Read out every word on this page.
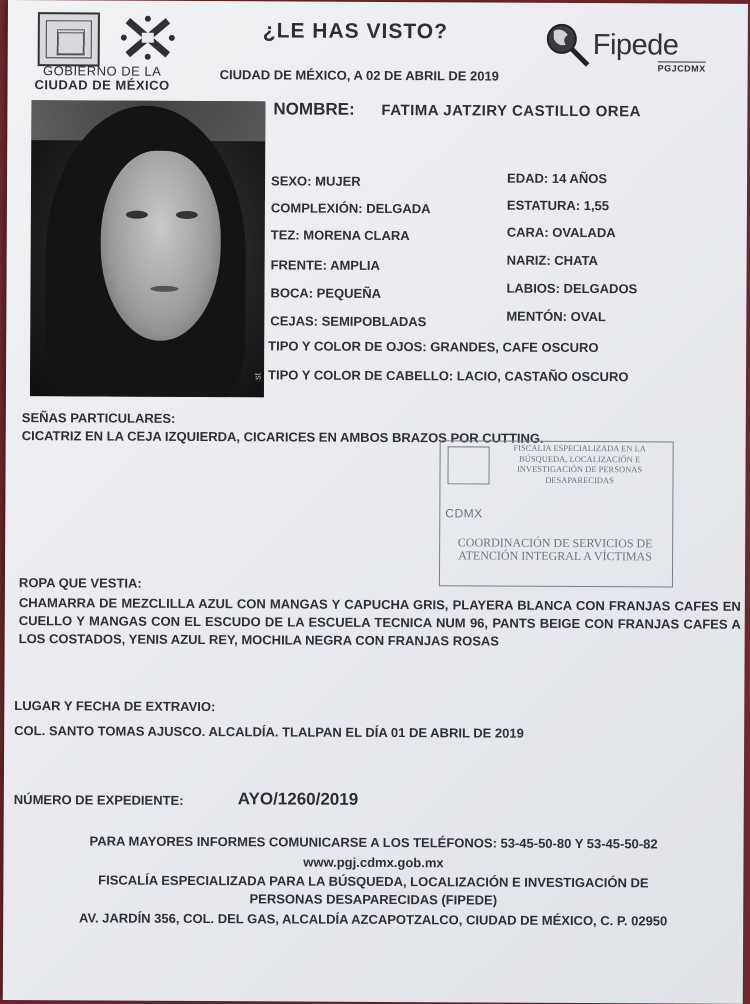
GOBIERNO DE LA
CIUDAD DE MÉXICO
¿LE HAS VISTO?
CIUDAD DE MÉXICO, A 02 DE ABRIL DE 2019
Fipede
PGJCDMX
st
NOMBRE: FATIMA JATZIRY CASTILLO OREA
SEXO: MUJER
COMPLEXIÓN: DELGADA
TEZ: MORENA CLARA
FRENTE: AMPLIA
BOCA: PEQUEÑA
CEJAS: SEMIPOBLADAS
EDAD: 14 AÑOS
ESTATURA: 1,55
CARA: OVALADA
NARIZ: CHATA
LABIOS: DELGADOS
MENTÓN: OVAL
TIPO Y COLOR DE OJOS: GRANDES, CAFE OSCURO
TIPO Y COLOR DE CABELLO: LACIO, CASTAÑO OSCURO
SEÑAS PARTICULARES:
CICATRIZ EN LA CEJA IZQUIERDA, CICARICES EN AMBOS BRAZOS POR CUTTING.
FISCALIA ESPECIALIZADA EN LA BÚSQUEDA, LOCALIZACIÓN E INVESTIGACIÓN DE PERSONAS DESAPARECIDAS
CDMX
COORDINACIÓN DE SERVICIOS DE ATENCIÓN INTEGRAL A VÍCTIMAS
ROPA QUE VESTIA:
CHAMARRA DE MEZCLILLA AZUL CON MANGAS Y CAPUCHA GRIS, PLAYERA BLANCA CON FRANJAS CAFES EN CUELLO Y MANGAS CON EL ESCUDO DE LA ESCUELA TECNICA NUM 96, PANTS BEIGE CON FRANJAS CAFES A LOS COSTADOS, YENIS AZUL REY, MOCHILA NEGRA CON FRANJAS ROSAS
LUGAR Y FECHA DE EXTRAVIO:
COL. SANTO TOMAS AJUSCO. ALCALDÍA. TLALPAN EL DÍA 01 DE ABRIL DE 2019
NÚMERO DE EXPEDIENTE:	AYO/1260/2019
PARA MAYORES INFORMES COMUNICARSE A LOS TELÉFONOS: 53-45-50-80 Y 53-45-50-82
www.pgj.cdmx.gob.mx
FISCALÍA ESPECIALIZADA PARA LA BÚSQUEDA, LOCALIZACIÓN E INVESTIGACIÓN DE
PERSONAS DESAPARECIDAS (FIPEDE)
AV. JARDÍN 356, COL. DEL GAS, ALCALDÍA AZCAPOTZALCO, CIUDAD DE MÉXICO, C. P. 02950
